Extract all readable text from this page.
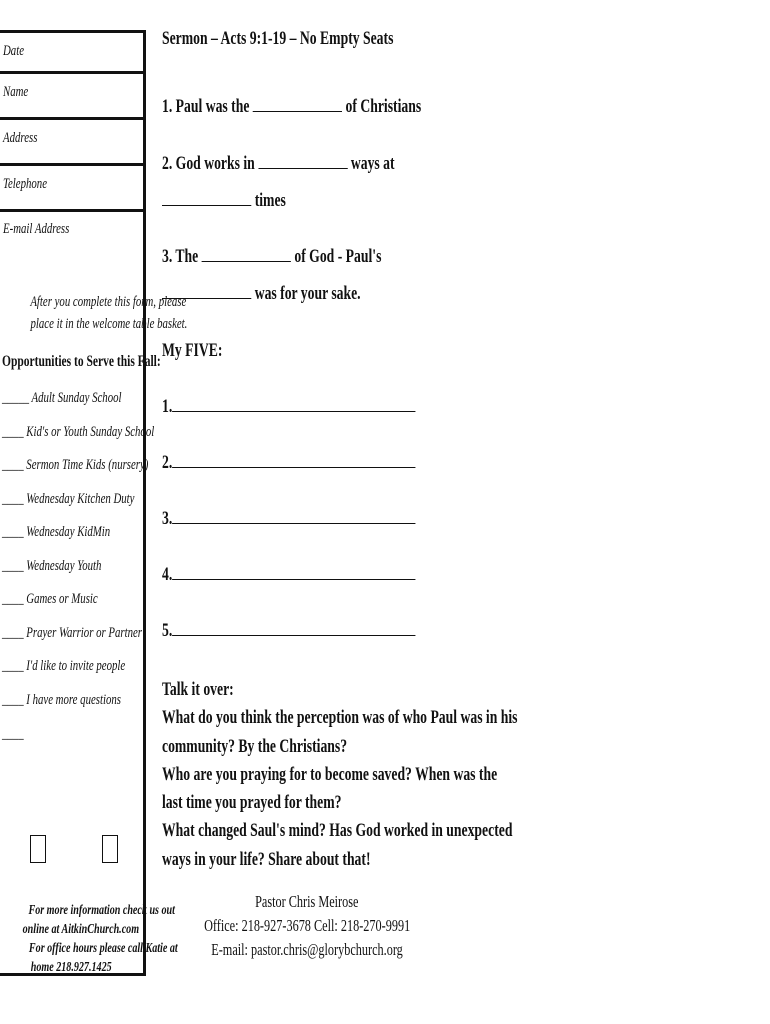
Date
Name
Address
Telephone
E-mail Address
After you complete this form, please
place it in the welcome table basket.
Opportunities to Serve this Fall:
_____ Adult Sunday School
____ Kid's or Youth Sunday School
____ Sermon Time Kids (nursery)
____ Wednesday Kitchen Duty
____ Wednesday KidMin
____ Wednesday Youth
____ Games or Music
____ Prayer Warrior or Partner
____ I'd like to invite people
____ I have more questions
____
For more information check us out
online at AitkinChurch.com
For office hours please call Katie at
home 218.927.1425
Sermon – Acts 9:1-19 – No Empty Seats
1. Paul was the	of Christians
2. God works in	ways at
times
3. The	of God - Paul's
was for your sake.
My FIVE:
1.
2.
3.
4.
5.
Talk it over:
What do you think the perception was of who Paul was in his
community? By the Christians?
Who are you praying for to become saved? When was the
last time you prayed for them?
What changed Saul's mind? Has God worked in unexpected
ways in your life? Share about that!
Pastor Chris Meirose
Office: 218-927-3678 Cell: 218-270-9991
E-mail: pastor.chris@glorybchurch.org
